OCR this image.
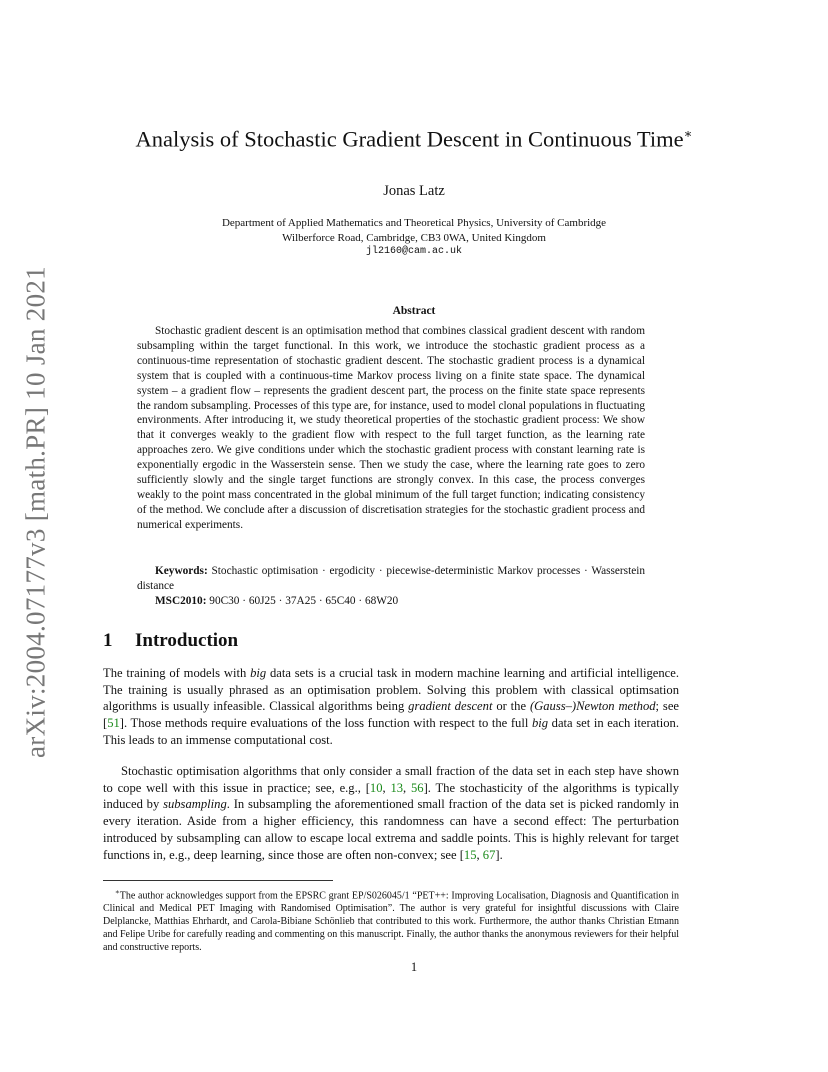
arXiv:2004.07177v3 [math.PR] 10 Jan 2021
Analysis of Stochastic Gradient Descent in Continuous Time∗
Jonas Latz
Department of Applied Mathematics and Theoretical Physics, University of Cambridge
Wilberforce Road, Cambridge, CB3 0WA, United Kingdom
jl2160@cam.ac.uk
Abstract
Stochastic gradient descent is an optimisation method that combines classical gradient descent with random subsampling within the target functional. In this work, we introduce the stochastic gradient process as a continuous-time representation of stochastic gradient descent. The stochastic gradient process is a dynamical system that is coupled with a continuous-time Markov process living on a finite state space. The dynamical system – a gradient flow – represents the gradient descent part, the process on the finite state space represents the random subsampling. Processes of this type are, for instance, used to model clonal populations in fluctuating environments. After introducing it, we study theoretical properties of the stochastic gradient process: We show that it converges weakly to the gradient flow with respect to the full target function, as the learning rate approaches zero. We give conditions under which the stochastic gradient process with constant learning rate is exponentially ergodic in the Wasserstein sense. Then we study the case, where the learning rate goes to zero sufficiently slowly and the single target functions are strongly convex. In this case, the process converges weakly to the point mass concentrated in the global minimum of the full target function; indicating consistency of the method. We conclude after a discussion of discretisation strategies for the stochastic gradient process and numerical experiments.
Keywords: Stochastic optimisation · ergodicity · piecewise-deterministic Markov processes · Wasserstein distance
MSC2010: 90C30 · 60J25 · 37A25 · 65C40 · 68W20
1 Introduction
The training of models with big data sets is a crucial task in modern machine learning and artificial intelligence. The training is usually phrased as an optimisation problem. Solving this problem with classical optimsation algorithms is usually infeasible. Classical algorithms being gradient descent or the (Gauss–)Newton method; see [51]. Those methods require evaluations of the loss function with respect to the full big data set in each iteration. This leads to an immense computational cost.
Stochastic optimisation algorithms that only consider a small fraction of the data set in each step have shown to cope well with this issue in practice; see, e.g., [10, 13, 56]. The stochasticity of the algorithms is typically induced by subsampling. In subsampling the aforementioned small fraction of the data set is picked randomly in every iteration. Aside from a higher efficiency, this randomness can have a second effect: The perturbation introduced by subsampling can allow to escape local extrema and saddle points. This is highly relevant for target functions in, e.g., deep learning, since those are often non-convex; see [15, 67].
∗The author acknowledges support from the EPSRC grant EP/S026045/1 “PET++: Improving Localisation, Diagnosis and Quantification in Clinical and Medical PET Imaging with Randomised Optimisation”. The author is very grateful for insightful discussions with Claire Delplancke, Matthias Ehrhardt, and Carola-Bibiane Schönlieb that contributed to this work. Furthermore, the author thanks Christian Etmann and Felipe Uribe for carefully reading and commenting on this manuscript. Finally, the author thanks the anonymous reviewers for their helpful and constructive reports.
1
